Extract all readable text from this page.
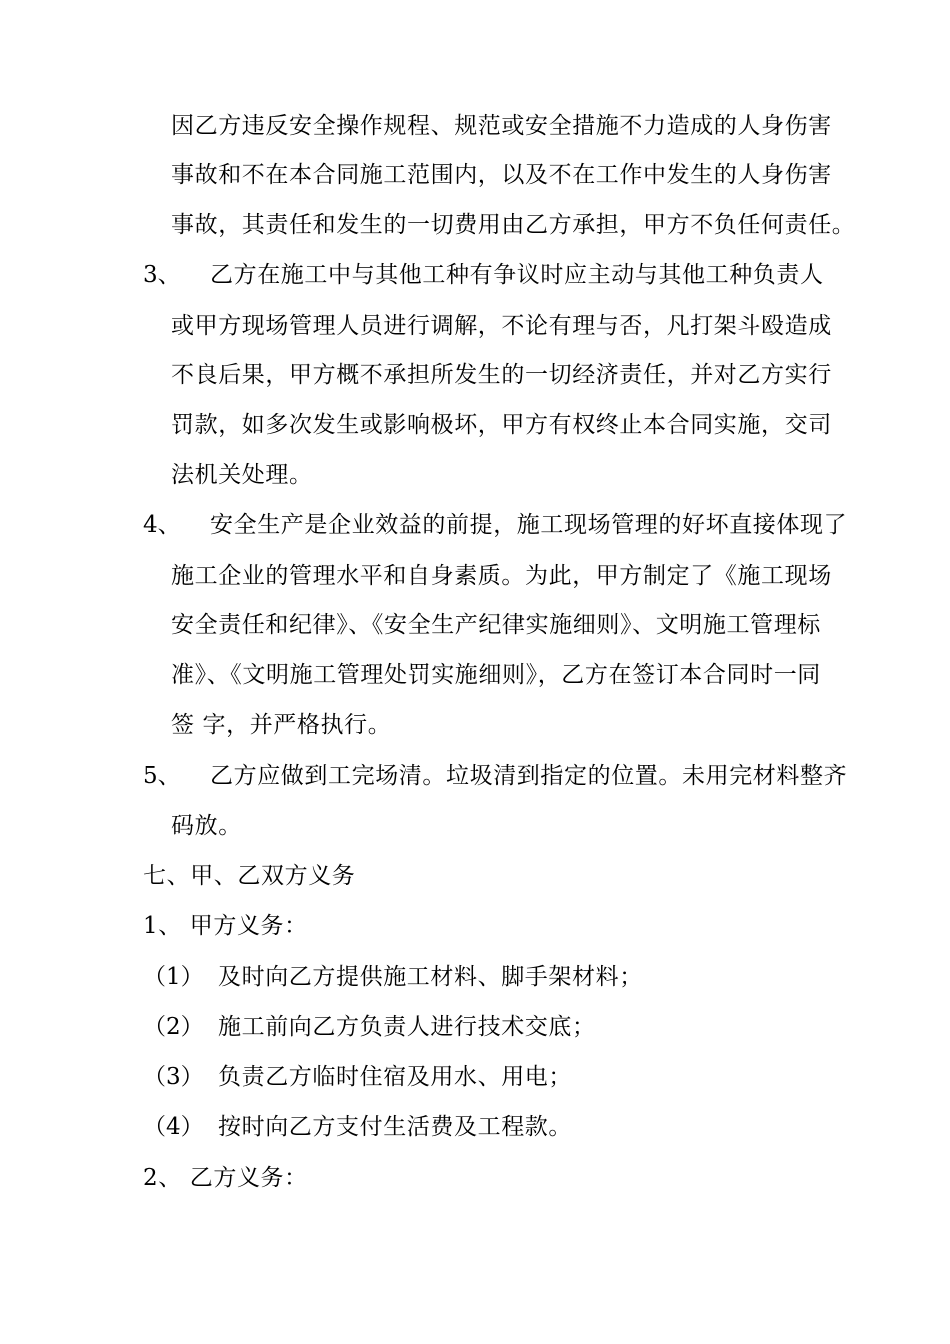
因乙方违反安全操作规程、规范或安全措施不力造成的人身伤害
事故和不在本合同施工范围内，以及不在工作中发生的人身伤害
事故，其责任和发生的一切费用由乙方承担，甲方不负任何责任。
3、 乙方在施工中与其他工种有争议时应主动与其他工种负责人
或甲方现场管理人员进行调解，不论有理与否，凡打架斗殴造成
不良后果，甲方概不承担所发生的一切经济责任，并对乙方实行
罚款，如多次发生或影响极坏，甲方有权终止本合同实施，交司
法机关处理。
4、 安全生产是企业效益的前提，施工现场管理的好坏直接体现了
施工企业的管理水平和自身素质。为此，甲方制定了《施工现场
安全责任和纪律》、《安全生产纪律实施细则》、文明施工管理标
准》、《文明施工管理处罚实施细则》，乙方在签订本合同时一同
签 字，并严格执行。
5、 乙方应做到工完场清。垃圾清到指定的位置。未用完材料整齐
码放。
七、甲、乙双方义务
1、 甲方义务：
（1） 及时向乙方提供施工材料、脚手架材料；
（2） 施工前向乙方负责人进行技术交底；
（3） 负责乙方临时住宿及用水、用电；
（4） 按时向乙方支付生活费及工程款。
2、 乙方义务：
